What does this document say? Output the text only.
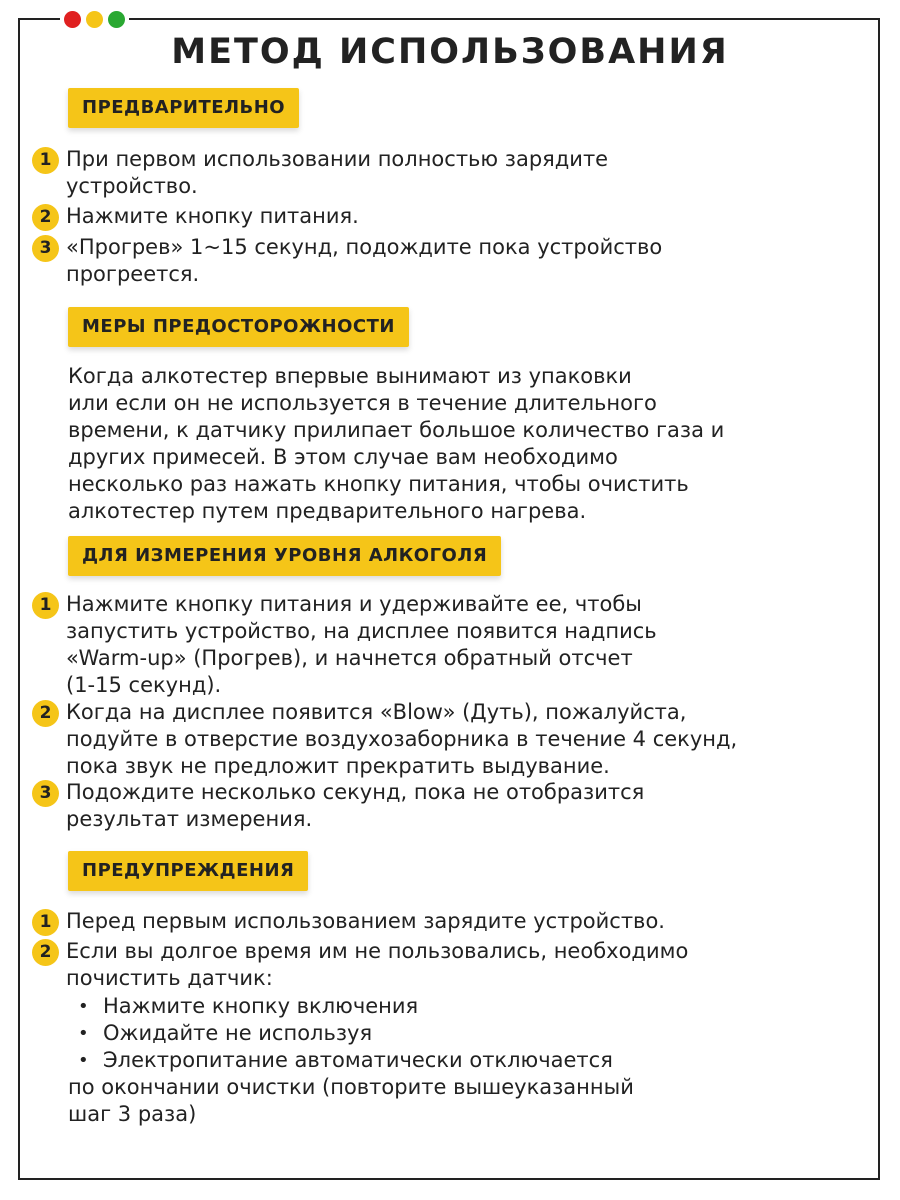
МЕТОД ИСПОЛЬЗОВАНИЯ
ПРЕДВАРИТЕЛЬНО
1 При первом использовании полностью зарядите
устройство.
2 Нажмите кнопку питания.
3 «Прогрев» 1~15 секунд, подождите пока устройство
прогреется.
МЕРЫ ПРЕДОСТОРОЖНОСТИ
Когда алкотестер впервые вынимают из упаковки
или если он не используется в течение длительного
времени, к датчику прилипает большое количество газа и
других примесей. В этом случае вам необходимо
несколько раз нажать кнопку питания, чтобы очистить
алкотестер путем предварительного нагрева.
ДЛЯ ИЗМЕРЕНИЯ УРОВНЯ АЛКОГОЛЯ
1 Нажмите кнопку питания и удерживайте ее, чтобы
запустить устройство, на дисплее появится надпись
«Warm-up» (Прогрев), и начнется обратный отсчет
(1-15 секунд).
2 Когда на дисплее появится «Blow» (Дуть), пожалуйста,
подуйте в отверстие воздухозаборника в течение 4 секунд,
пока звук не предложит прекратить выдувание.
3 Подождите несколько секунд, пока не отобразится
результат измерения.
ПРЕДУПРЕЖДЕНИЯ
1 Перед первым использованием зарядите устройство.
2 Если вы долгое время им не пользовались, необходимо
почистить датчик:
• Нажмите кнопку включения
• Ожидайте не используя
• Электропитание автоматически отключается
по окончании очистки (повторите вышеуказанный
шаг 3 раза)
